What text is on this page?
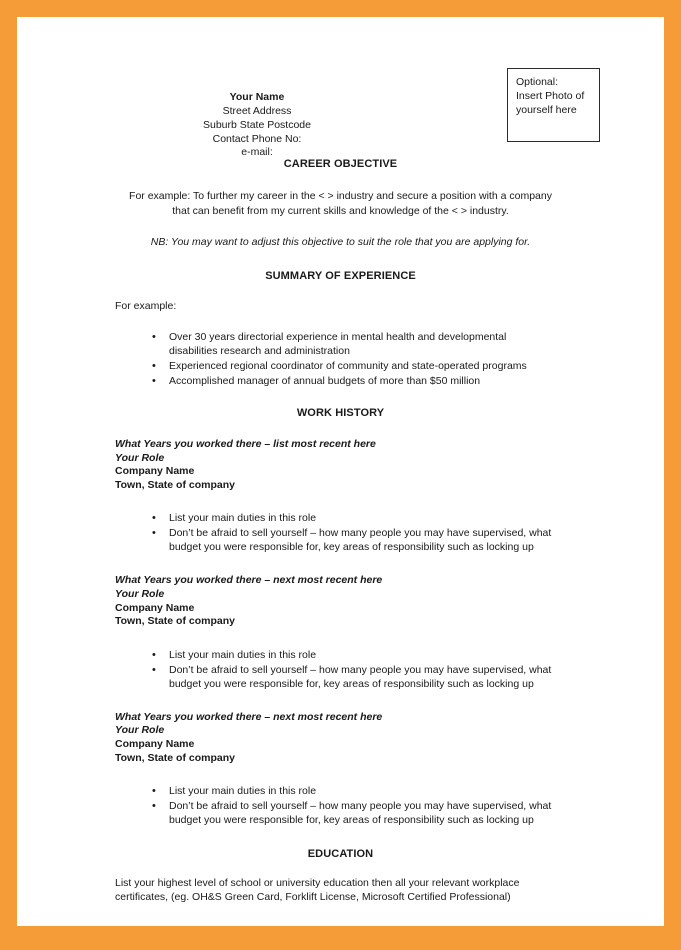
Your Name
Street Address
Suburb State Postcode
Contact Phone No:
e-mail:
Optional:
Insert Photo of
yourself here
CAREER OBJECTIVE
For example: To further my career in the < > industry and secure a position with a company
that can benefit from my current skills and knowledge of the < > industry.
NB: You may want to adjust this objective to suit the role that you are applying for.
SUMMARY OF EXPERIENCE
For example:
• Over 30 years directorial experience in mental health and developmental disabilities research and administration
• Experienced regional coordinator of community and state-operated programs
• Accomplished manager of annual budgets of more than $50 million
WORK HISTORY
What Years you worked there – list most recent here
Your Role
Company Name
Town, State of company
• List your main duties in this role
• Don’t be afraid to sell yourself – how many people you may have supervised, what budget you were responsible for, key areas of responsibility such as locking up
What Years you worked there – next most recent here
Your Role
Company Name
Town, State of company
• List your main duties in this role
• Don’t be afraid to sell yourself – how many people you may have supervised, what budget you were responsible for, key areas of responsibility such as locking up
What Years you worked there – next most recent here
Your Role
Company Name
Town, State of company
• List your main duties in this role
• Don’t be afraid to sell yourself – how many people you may have supervised, what budget you were responsible for, key areas of responsibility such as locking up
EDUCATION
List your highest level of school or university education then all your relevant workplace
certificates, (eg. OH&S Green Card, Forklift License, Microsoft Certified Professional)
